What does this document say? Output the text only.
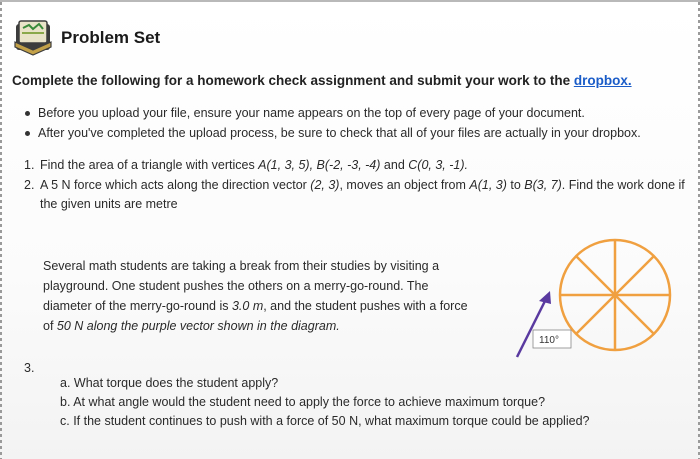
Problem Set
Complete the following for a homework check assignment and submit your work to the dropbox.
Before you upload your file, ensure your name appears on the top of every page of your document.
After you've completed the upload process, be sure to check that all of your files are actually in your dropbox.
1. Find the area of a triangle with vertices A(1, 3, 5), B(-2, -3, -4) and C(0, 3, -1).
2. A 5 N force which acts along the direction vector (2, 3), moves an object from A(1, 3) to B(3, 7). Find the work done if the given units are metre
Several math students are taking a break from their studies by visiting a
playground. One student pushes the others on a merry-go-round. The
diameter of the merry-go-round is 3.0 m, and the student pushes with a force
of 50 N along the purple vector shown in the diagram.
110°
3.
a. What torque does the student apply?
b. At what angle would the student need to apply the force to achieve maximum torque?
c. If the student continues to push with a force of 50 N, what maximum torque could be applied?
